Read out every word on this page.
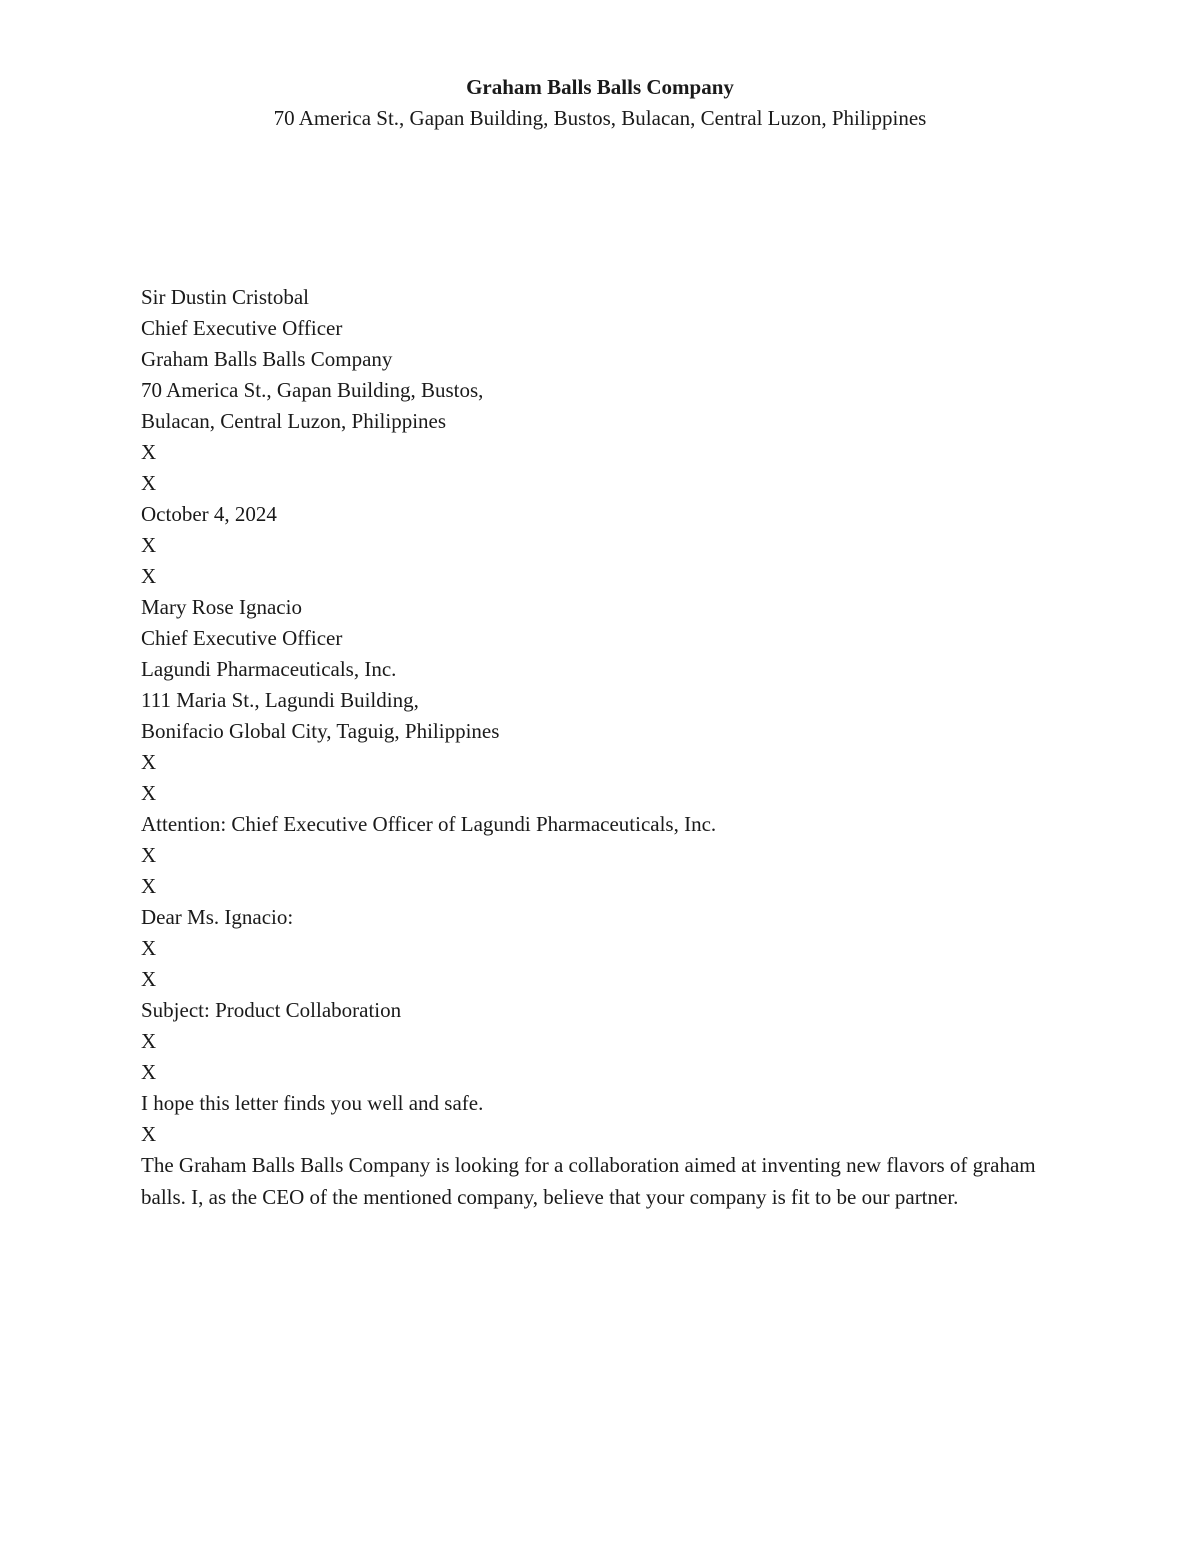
Graham Balls Balls Company
70 America St., Gapan Building, Bustos, Bulacan, Central Luzon, Philippines
Sir Dustin Cristobal
Chief Executive Officer
Graham Balls Balls Company
70 America St., Gapan Building, Bustos,
Bulacan, Central Luzon, Philippines
X
X
October 4, 2024
X
X
Mary Rose Ignacio
Chief Executive Officer
Lagundi Pharmaceuticals, Inc.
111 Maria St., Lagundi Building,
Bonifacio Global City, Taguig, Philippines
X
X
Attention: Chief Executive Officer of Lagundi Pharmaceuticals, Inc.
X
X
Dear Ms. Ignacio:
X
X
Subject: Product Collaboration
X
X
I hope this letter finds you well and safe.
X
The Graham Balls Balls Company is looking for a collaboration aimed at inventing new flavors of graham balls. I, as the CEO of the mentioned company, believe that your company is fit to be our partner.
